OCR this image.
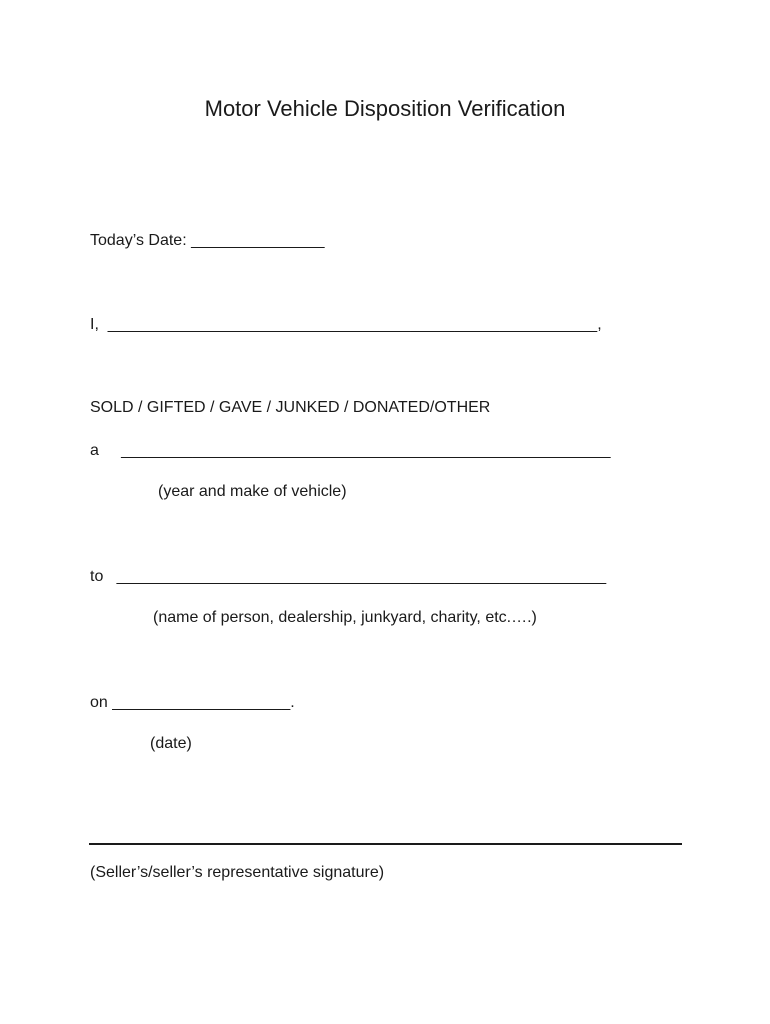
Motor Vehicle Disposition Verification
Today’s Date: _______________
I,  _______________________________________________________,
SOLD / GIFTED / GAVE / JUNKED / DONATED/OTHER
a     _______________________________________________________
(year and make of vehicle)
to   _______________________________________________________
(name of person, dealership, junkyard, charity, etc.….)
on ____________________.
(date)
(Seller’s/seller’s representative signature)
